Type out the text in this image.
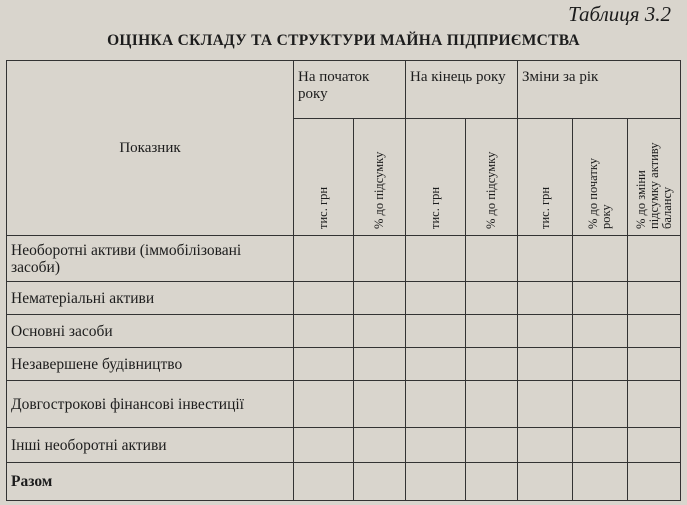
Таблиця 3.2
ОЦІНКА СКЛАДУ ТА СТРУКТУРИ МАЙНА ПІДПРИЄМСТВА
Показник	На початок року		На кінець року		Зміни за рік		

	тис. грн	% до підсумку	тис. грн	% до підсумку	тис. грн	% до початку року	% до зміни підсумку активу балансу

Необоротні активи (іммобілізовані засоби)							
Нематеріальні активи							
Основні засоби							
Незавершене будівництво							
Довгострокові фінансові інвестиції							
Інші необоротні активи							
Разом							
